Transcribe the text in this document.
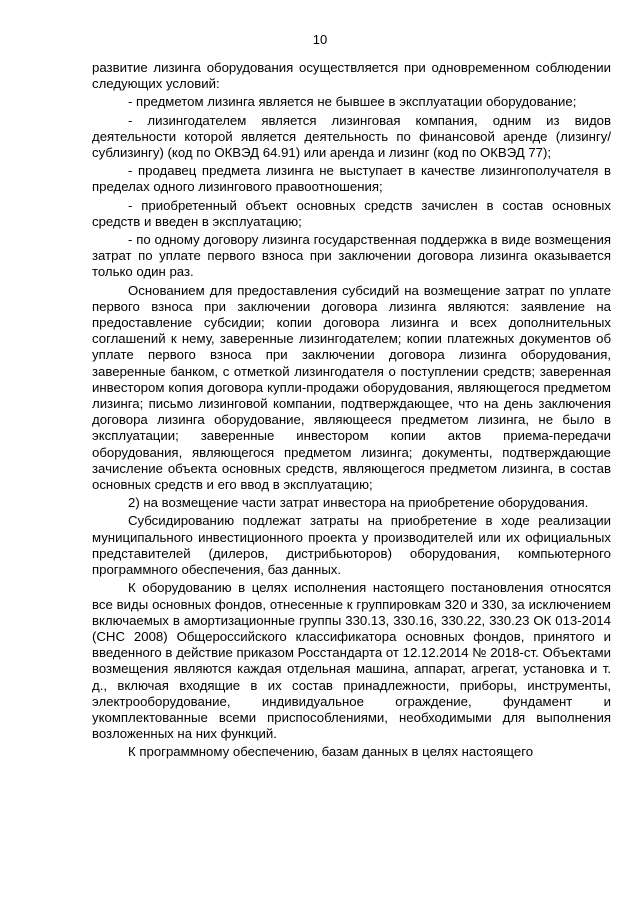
10

развитие лизинга оборудования осуществляется при одновременном соблюдении следующих условий:

- предметом лизинга является не бывшее в эксплуатации оборудование;

- лизингодателем является лизинговая компания, одним из видов деятельности которой является деятельность по финансовой аренде (лизингу/сублизингу) (код по ОКВЭД 64.91) или аренда и лизинг (код по ОКВЭД 77);

- продавец предмета лизинга не выступает в качестве лизингополучателя в пределах одного лизингового правоотношения;

- приобретенный объект основных средств зачислен в состав основных средств и введен в эксплуатацию;

- по одному договору лизинга государственная поддержка в виде возмещения затрат по уплате первого взноса при заключении договора лизинга оказывается только один раз.

Основанием для предоставления субсидий на возмещение затрат по уплате первого взноса при заключении договора лизинга являются: заявление на предоставление субсидии; копии договора лизинга и всех дополнительных соглашений к нему, заверенные лизингодателем; копии платежных документов об уплате первого взноса при заключении договора лизинга оборудования, заверенные банком, с отметкой лизингодателя о поступлении средств; заверенная инвестором копия договора купли-продажи оборудования, являющегося предметом лизинга; письмо лизинговой компании, подтверждающее, что на день заключения договора лизинга оборудование, являющееся предметом лизинга, не было в эксплуатации; заверенные инвестором копии актов приема-передачи оборудования, являющегося предметом лизинга; документы, подтверждающие зачисление объекта основных средств, являющегося предметом лизинга, в состав основных средств и его ввод в эксплуатацию;

2) на возмещение части затрат инвестора на приобретение оборудования.

Субсидированию подлежат затраты на приобретение в ходе реализации муниципального инвестиционного проекта у производителей или их официальных представителей (дилеров, дистрибьюторов) оборудования, компьютерного программного обеспечения, баз данных.

К оборудованию в целях исполнения настоящего постановления относятся все виды основных фондов, отнесенные к группировкам 320 и 330, за исключением включаемых в амортизационные группы 330.13, 330.16, 330.22, 330.23 ОК 013-2014 (СНС 2008) Общероссийского классификатора основных фондов, принятого и введенного в действие приказом Росстандарта от 12.12.2014 № 2018-ст. Объектами возмещения являются каждая отдельная машина, аппарат, агрегат, установка и т. д., включая входящие в их состав принадлежности, приборы, инструменты, электрооборудование, индивидуальное ограждение, фундамент и укомплектованные всеми приспособлениями, необходимыми для выполнения возложенных на них функций.

К программному обеспечению, базам данных в целях настоящего
